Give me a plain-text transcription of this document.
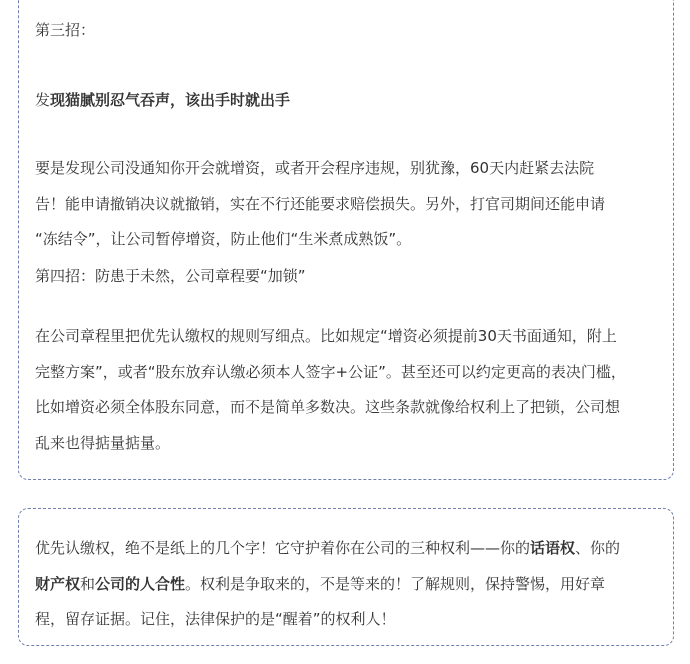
第三招：

发现猫腻别忍气吞声，该出手时就出手

要是发现公司没通知你开会就增资，或者开会程序违规，别犹豫，60天内赶紧去法院
告！能申请撤销决议就撤销，实在不行还能要求赔偿损失。另外，打官司期间还能申请
“冻结令”，让公司暂停增资，防止他们“生米煮成熟饭”。

第四招：防患于未然，公司章程要“加锁”

在公司章程里把优先认缴权的规则写细点。比如规定“增资必须提前30天书面通知，附上
完整方案”，或者“股东放弃认缴必须本人签字+公证”。甚至还可以约定更高的表决门槛，
比如增资必须全体股东同意，而不是简单多数决。这些条款就像给权利上了把锁，公司想
乱来也得掂量掂量。

优先认缴权，绝不是纸上的几个字！它守护着你在公司的三种权利——你的话语权、你的
财产权和公司的人合性。权利是争取来的，不是等来的！了解规则，保持警惕，用好章
程，留存证据。记住，法律保护的是“醒着”的权利人！
